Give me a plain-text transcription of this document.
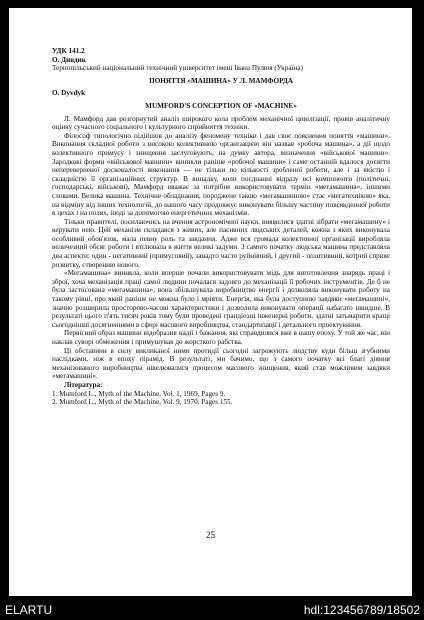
УДК 141.2

О. Дивдик

Тернопільський національний технічний університет імені Івана Пулюя (Україна)

ПОНЯТТЯ «МАШИНА» У Л. МАМФОРДА

O. Dyvdyk

MUMFORD'S CONCEPTION OF «MACHINE»

Л. Мамфорд дав розгорнутий аналіз широкого кола проблем механічної цивілізації, провів аналітичну оцінку сучасного соціального і культурного сприйняття техніки.

Філософ типологічно підійшов до аналізу феномену техніки і дав своє пояснення поняття «машини». Виконання складної роботи з високою колективною організацією він назвав «робоча машина», а дії щодо колективного примусу і знищення заслуговують, на думку автора, визначення «військової машини». Зародкові форми «військової машини» виникли раніше «робочої машини» і саме останній вдалося досягти непереверненої досконалості виконання — не тільки по кількості зробленої роботи, але і за якістю і складністю її організаційних структур. В випадку, коли поєднанні відразу всі компоненти (політичні, господарські, військові), Мамфорд вважає за потрібне використовувати термін «мегамашина», іншими словами, Велика машина. Технічне обладнання, породжене такою «мегамашиною» стає «мегатехнікою» яка, на відміну від інших технологій, до нашого часу продовжує виконувати більшу частину повсякденної роботи в цехах і на полях, іноді за допомогою енергетичних механізмів.

Тільки правителі, посилаючись на вчення астрономічної науки, виявилися здатні зібрати «мегамашину» і керувати нею. Цей механізм складався з живих, але пасивних людських деталей, кожна з яких виконувала особливий обов'язок, мала певну роль та завдання. Адже вся громада колективної організації виробляла величезний обсяг роботи і втілювала в життя великі задуми. З самого початку людська машина представляла два аспекти: один - негативний (примусовий), занадто часто руйнівний, і другий - позитивний, котрий сприяє розвитку, створенню нового.

«Мегамашина» виникла, коли вперше почали використовувати мідь для виготовлення знарядь праці і зброї, хоча механізація праці самої людини почалася задовго до механізації її робочих інструментів. Де б не була застосована «мегамашина», вона збільшувала виробництво енергії і дозволяла виконувати роботу на такому рівні, про який раніше не можна було і мріяти. Енергія, яка була доступною завдяки «мегамашині», значно розширила просторово-часові характеристики і дозволила виконувати операції набагато швидше. В результаті цього п'ять тисяч років тому були проведені грандіозні інженерні роботи, здатні затьмарити кращі сьогоднішні досягненнями в сфері масового виробництва, стандартизації і детального проектування.

Первісний образ машини відобразив надії і бажання, які справдилися вже в нашу епоху. У той же час, він наклав суворі обмеження і примушував до жорсткого рабства.

Ці обставини в силу викликаної ними протидії сьогодні загрожують людству куди більш згубними наслідками, ніж в епоху пірамід. В результаті, ми бачимо, що з самого початку всі благі діяння механізованого виробництва нівелювалися процесом масового знищення, який став можливим завдяки «мегамашині».

Література:

1. Mumford L., Myth of the Machine, Vol. 1, 1969, Pages 9.

2. Mumford L., Myth of the Machine, Vol. 9, 1970, Pages 155.

25
ELARTU	hdl:123456789/18502
